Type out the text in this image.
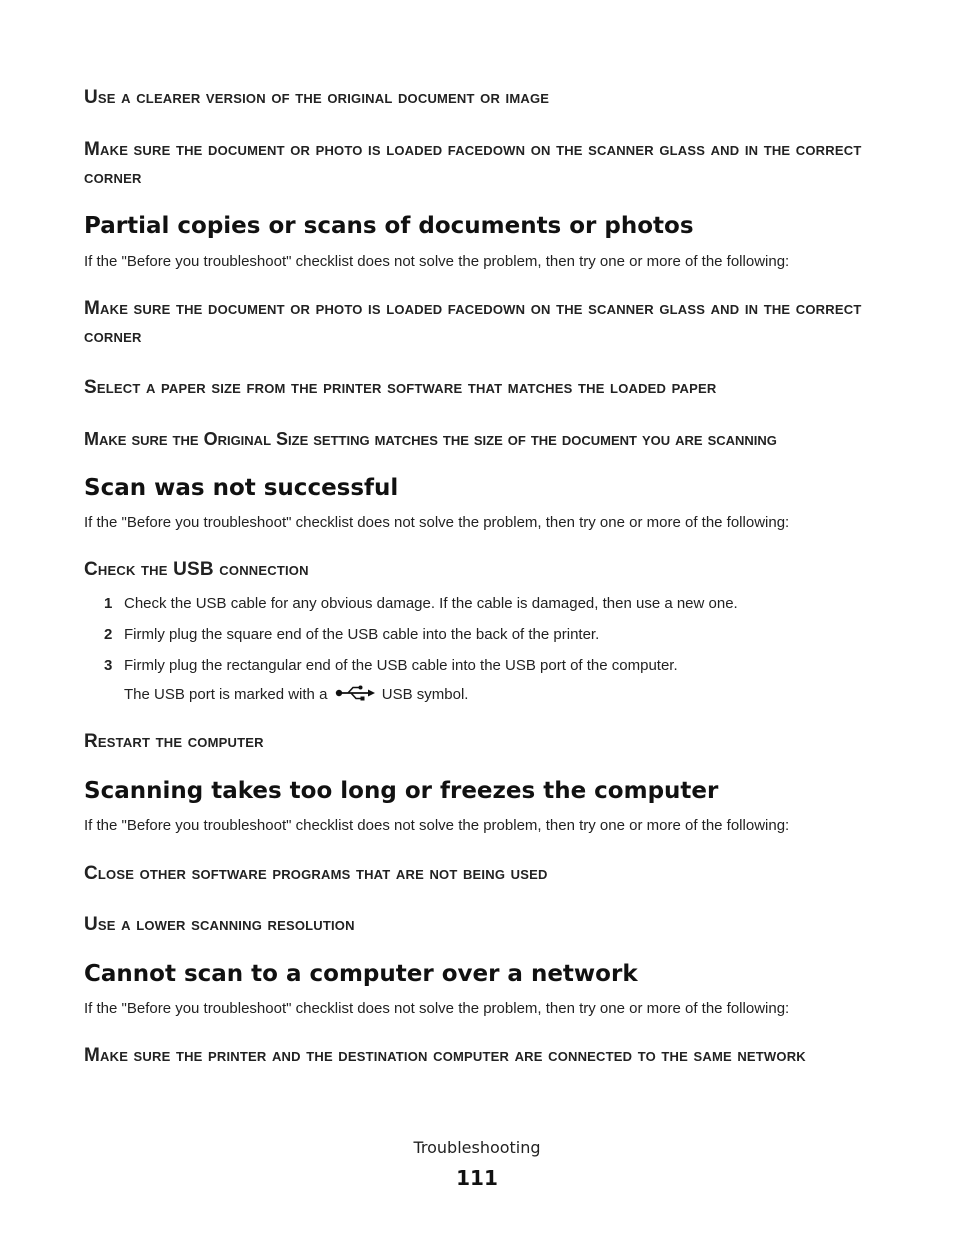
Use a clearer version of the original document or image
Make sure the document or photo is loaded facedown on the scanner glass and in the correct corner
Partial copies or scans of documents or photos
If the "Before you troubleshoot" checklist does not solve the problem, then try one or more of the following:
Make sure the document or photo is loaded facedown on the scanner glass and in the correct corner
Select a paper size from the printer software that matches the loaded paper
Make sure the Original Size setting matches the size of the document you are scanning
Scan was not successful
If the "Before you troubleshoot" checklist does not solve the problem, then try one or more of the following:
Check the USB connection
1 Check the USB cable for any obvious damage. If the cable is damaged, then use a new one.
2 Firmly plug the square end of the USB cable into the back of the printer.
3 Firmly plug the rectangular end of the USB cable into the USB port of the computer.
The USB port is marked with a	USB symbol.
Restart the computer
Scanning takes too long or freezes the computer
If the "Before you troubleshoot" checklist does not solve the problem, then try one or more of the following:
Close other software programs that are not being used
Use a lower scanning resolution
Cannot scan to a computer over a network
If the "Before you troubleshoot" checklist does not solve the problem, then try one or more of the following:
Make sure the printer and the destination computer are connected to the same network
Troubleshooting
111
